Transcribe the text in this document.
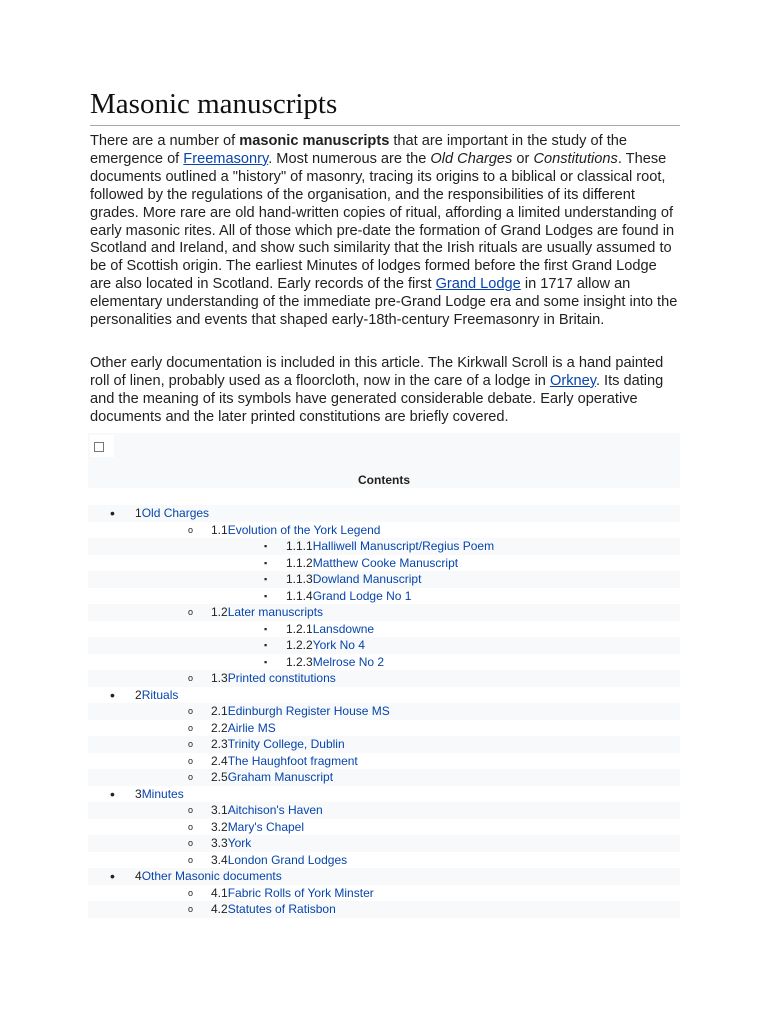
Masonic manuscripts

There are a number of masonic manuscripts that are important in the study of the emergence of Freemasonry. Most numerous are the Old Charges or Constitutions. These documents outlined a "history" of masonry, tracing its origins to a biblical or classical root, followed by the regulations of the organisation, and the responsibilities of its different grades. More rare are old hand-written copies of ritual, affording a limited understanding of early masonic rites. All of those which pre-date the formation of Grand Lodges are found in Scotland and Ireland, and show such similarity that the Irish rituals are usually assumed to be of Scottish origin. The earliest Minutes of lodges formed before the first Grand Lodge are also located in Scotland. Early records of the first Grand Lodge in 1717 allow an elementary understanding of the immediate pre-Grand Lodge era and some insight into the personalities and events that shaped early-18th-century Freemasonry in Britain.

Other early documentation is included in this article. The Kirkwall Scroll is a hand painted roll of linen, probably used as a floorcloth, now in the care of a lodge in Orkney. Its dating and the meaning of its symbols have generated considerable debate. Early operative documents and the later printed constitutions are briefly covered.

Contents
• 1Old Charges
o 1.1Evolution of the York Legend
▪ 1.1.1Halliwell Manuscript/Regius Poem
▪ 1.1.2Matthew Cooke Manuscript
▪ 1.1.3Dowland Manuscript
▪ 1.1.4Grand Lodge No 1
o 1.2Later manuscripts
▪ 1.2.1Lansdowne
▪ 1.2.2York No 4
▪ 1.2.3Melrose No 2
o 1.3Printed constitutions
• 2Rituals
o 2.1Edinburgh Register House MS
o 2.2Airlie MS
o 2.3Trinity College, Dublin
o 2.4The Haughfoot fragment
o 2.5Graham Manuscript
• 3Minutes
o 3.1Aitchison's Haven
o 3.2Mary's Chapel
o 3.3York
o 3.4London Grand Lodges
• 4Other Masonic documents
o 4.1Fabric Rolls of York Minster
o 4.2Statutes of Ratisbon
